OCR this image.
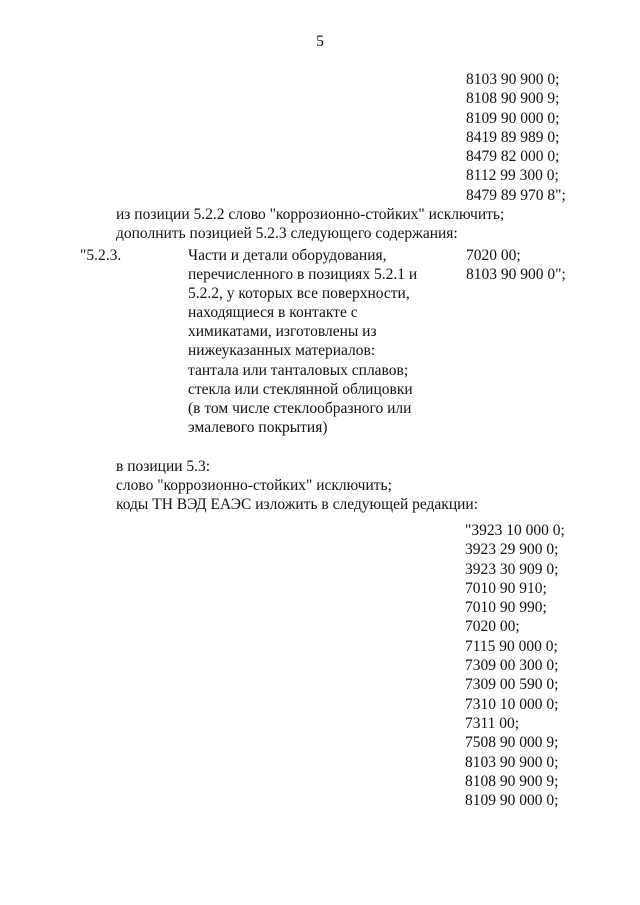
5
8103 90 900 0;
8108 90 900 9;
8109 90 000 0;
8419 89 989 0;
8479 82 000 0;
8112 99 300 0;
8479 89 970 8";

из позиции 5.2.2 слово "коррозионно-стойких" исключить;

дополнить позицией 5.2.3 следующего содержания:

"5.2.3.	Части и детали оборудования,
перечисленного в позициях 5.2.1 и
5.2.2, у которых все поверхности,
находящиеся в контакте с
химикатами, изготовлены из
нижеуказанных материалов:
тантала или танталовых сплавов;
стекла или стеклянной облицовки
(в том числе стеклообразного или
эмалевого покрытия)
7020 00;
8103 90 900 0";

в позиции 5.3:

слово "коррозионно-стойких" исключить;

коды ТН ВЭД ЕАЭС изложить в следующей редакции:

"3923 10 000 0;
3923 29 900 0;
3923 30 909 0;
7010 90 910;
7010 90 990;
7020 00;
7115 90 000 0;
7309 00 300 0;
7309 00 590 0;
7310 10 000 0;
7311 00;
7508 90 000 9;
8103 90 900 0;
8108 90 900 9;
8109 90 000 0;
